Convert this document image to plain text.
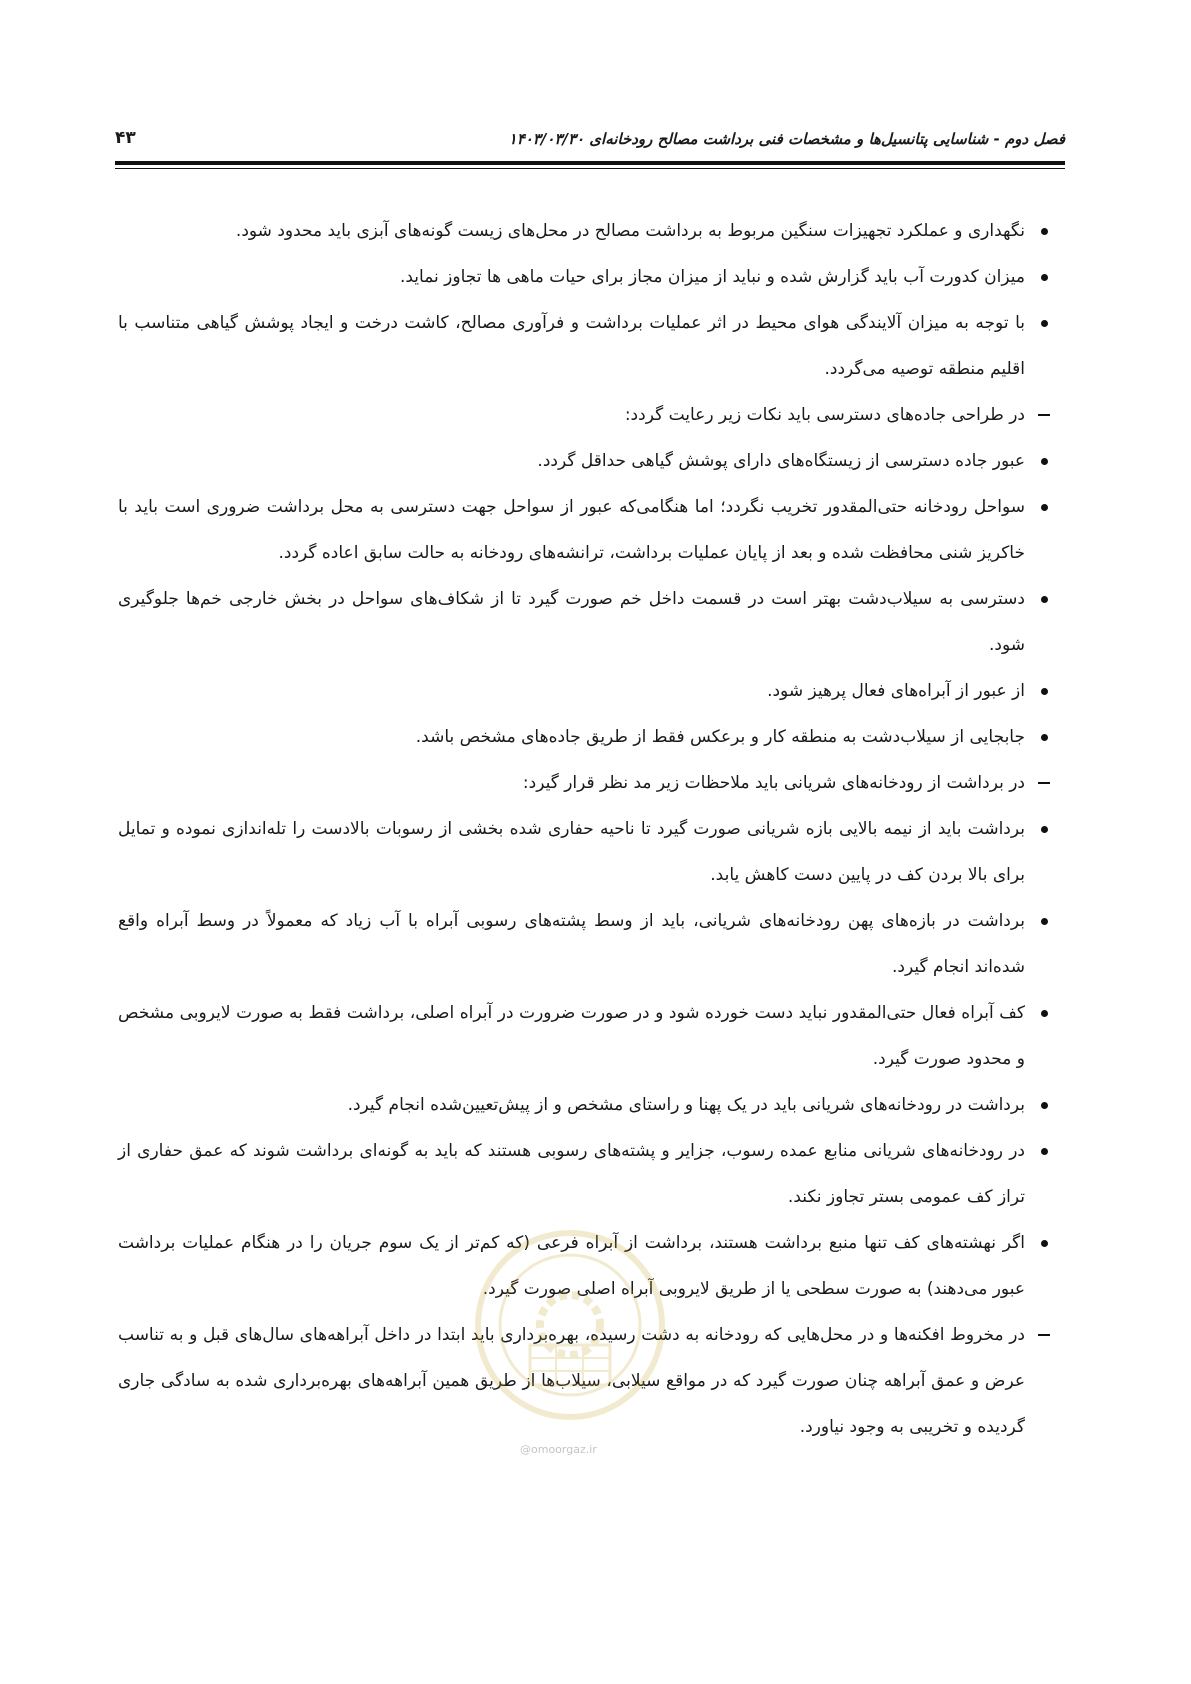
فصل دوم - شناسایی پتانسیل‌ها و مشخصات فنی برداشت مصالح رودخانه‌ای ۱۴۰۳/۰۳/۳۰
۴۳
نگهداری و عملکرد تجهیزات سنگین مربوط به برداشت مصالح در محل‌های زیست گونه‌های آبزی باید محدود شود.
میزان کدورت آب باید گزارش شده و نباید از میزان مجاز برای حیات ماهی ها تجاوز نماید.
با توجه به میزان آلایندگی هوای محیط در اثر عملیات برداشت و فرآوری مصالح، کاشت درخت و ایجاد پوشش گیاهی متناسب با اقلیم منطقه توصیه می‌گردد.
در طراحی جاده‌های دسترسی باید نکات زیر رعایت گردد:
عبور جاده دسترسی از زیستگاه‌های دارای پوشش گیاهی حداقل گردد.
سواحل رودخانه حتی‌المقدور تخریب نگردد؛ اما هنگامی‌که عبور از سواحل جهت دسترسی به محل برداشت ضروری است باید با خاکریز شنی محافظت شده و بعد از پایان عملیات برداشت، ترانشه‌های رودخانه به حالت سابق اعاده گردد.
دسترسی به سیلاب‌دشت بهتر است در قسمت داخل خم صورت گیرد تا از شکاف‌های سواحل در بخش خارجی خم‌ها جلوگیری شود.
از عبور از آبراه‌های فعال پرهیز شود.
جابجایی از سیلاب‌دشت به منطقه کار و برعکس فقط از طریق جاده‌های مشخص باشد.
در برداشت از رودخانه‌های شریانی باید ملاحظات زیر مد نظر قرار گیرد:
برداشت باید از نیمه بالایی بازه شریانی صورت گیرد تا ناحیه حفاری شده بخشی از رسوبات بالادست را تله‌اندازی نموده و تمایل برای بالا بردن کف در پایین دست کاهش یابد.
برداشت در بازه‌های پهن رودخانه‌های شریانی، باید از وسط پشته‌های رسوبی آبراه با آب زیاد که معمولاً در وسط آبراه واقع شده‌اند انجام گیرد.
کف آبراه فعال حتی‌المقدور نباید دست خورده شود و در صورت ضرورت در آبراه اصلی، برداشت فقط به صورت لایروبی مشخص و محدود صورت گیرد.
برداشت در رودخانه‌های شریانی باید در یک پهنا و راستای مشخص و از پیش‌تعیین‌شده انجام گیرد.
در رودخانه‌های شریانی منابع عمده رسوب، جزایر و پشته‌های رسوبی هستند که باید به گونه‌ای برداشت شوند که عمق حفاری از تراز کف عمومی بستر تجاوز نکند.
اگر نهشته‌های کف تنها منبع برداشت هستند، برداشت از آبراه فرعی (که کم‌تر از یک سوم جریان را در هنگام عملیات برداشت عبور می‌دهند) به صورت سطحی یا از طریق لایروبی آبراه اصلی صورت گیرد.
در مخروط افکنه‌ها و در محل‌هایی که رودخانه به دشت رسیده، بهره‌برداری باید ابتدا در داخل آبراهه‌های سال‌های قبل و به تناسب عرض و عمق آبراهه چنان صورت گیرد که در مواقع سیلابی، سیلاب‌ها از طریق همین آبراهه‌های بهره‌برداری شده به سادگی جاری گردیده و تخریبی به وجود نیاورد.
@omoorgaz.ir
